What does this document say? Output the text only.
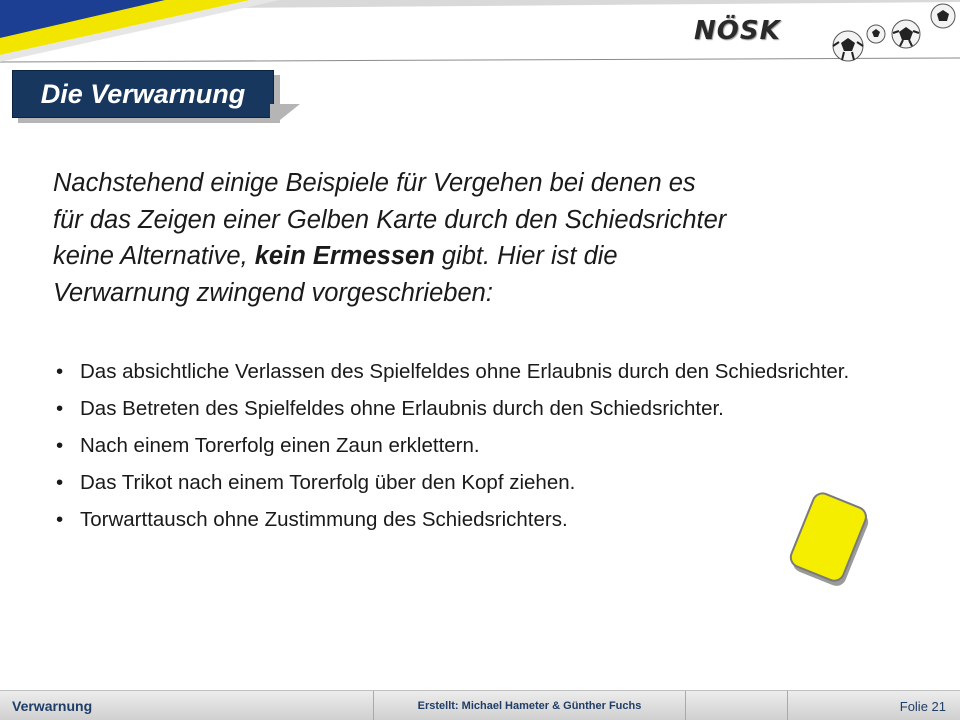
NÖSK
Die Verwarnung
Nachstehend einige Beispiele für Vergehen bei denen es
für das Zeigen einer Gelben Karte durch den Schiedsrichter
keine Alternative, kein Ermessen gibt. Hier ist die
Verwarnung zwingend vorgeschrieben:
• Das absichtliche Verlassen des Spielfeldes ohne Erlaubnis durch den Schiedsrichter.
• Das Betreten des Spielfeldes ohne Erlaubnis durch den Schiedsrichter.
• Nach einem Torerfolg einen Zaun erklettern.
• Das Trikot nach einem Torerfolg über den Kopf ziehen.
• Torwarttausch ohne Zustimmung des Schiedsrichters.
Verwarnung	Erstellt: Michael Hameter & Günther Fuchs	Folie 21
